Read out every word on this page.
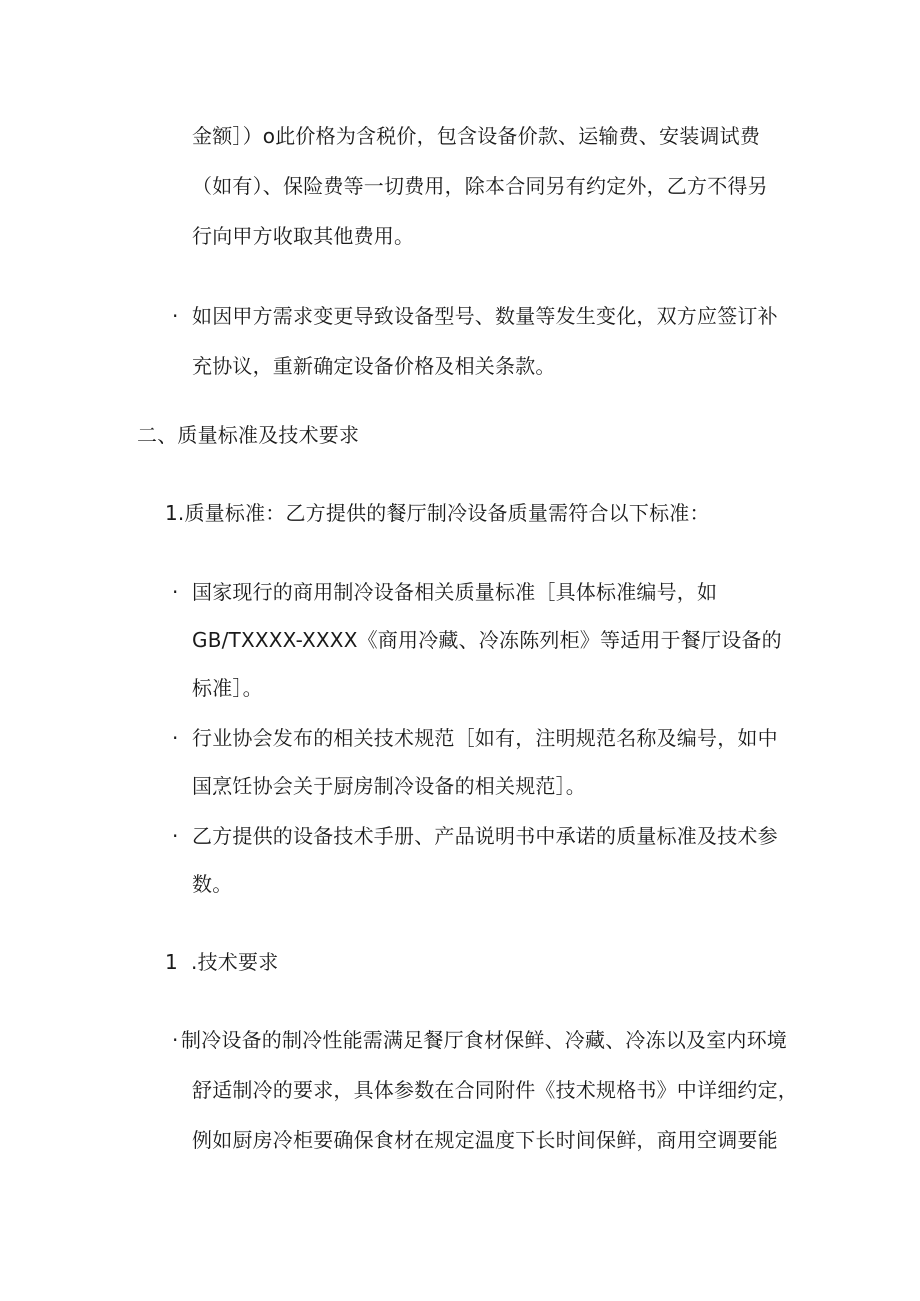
金额］）o此价格为含税价，包含设备价款、运输费、安装调试费
（如有）、保险费等一切费用，除本合同另有约定外，乙方不得另
行向甲方收取其他费用。
· 如因甲方需求变更导致设备型号、数量等发生变化，双方应签订补
充协议，重新确定设备价格及相关条款。
二、质量标准及技术要求
1.质量标准：乙方提供的餐厅制冷设备质量需符合以下标准：
· 国家现行的商用制冷设备相关质量标准［具体标准编号，如
GB/TXXXX-XXXX《商用冷藏、冷冻陈列柜》等适用于餐厅设备的
标准］。
· 行业协会发布的相关技术规范［如有，注明规范名称及编号，如中
国烹饪协会关于厨房制冷设备的相关规范］。
· 乙方提供的设备技术手册、产品说明书中承诺的质量标准及技术参
数。
1  .技术要求
· 制冷设备的制冷性能需满足餐厅食材保鲜、冷藏、冷冻以及室内环境
舒适制冷的要求，具体参数在合同附件《技术规格书》中详细约定，
例如厨房冷柜要确保食材在规定温度下长时间保鲜，商用空调要能
